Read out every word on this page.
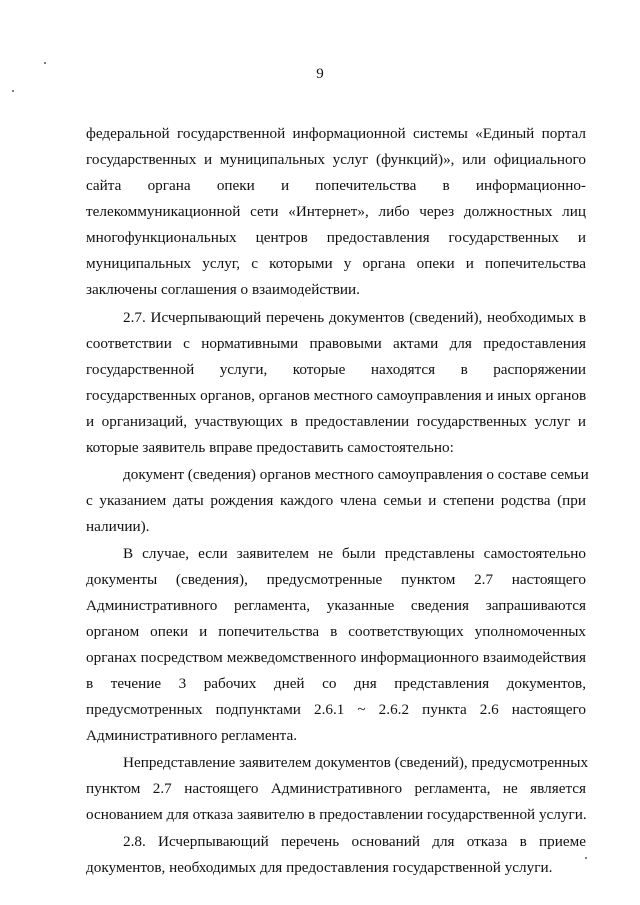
9
федеральной государственной информационной системы «Единый портал
государственных и муниципальных услуг (функций)», или официального
сайта органа опеки и попечительства в информационно-
телекоммуникационной сети «Интернет», либо через должностных лиц
многофункциональных центров предоставления государственных и
муниципальных услуг, с которыми у органа опеки и попечительства
заключены соглашения о взаимодействии.
2.7. Исчерпывающий перечень документов (сведений), необходимых в
соответствии с нормативными правовыми актами для предоставления
государственной услуги, которые находятся в распоряжении
государственных органов, органов местного самоуправления и иных органов
и организаций, участвующих в предоставлении государственных услуг и
которые заявитель вправе предоставить самостоятельно:
документ (сведения) органов местного самоуправления о составе семьи
с указанием даты рождения каждого члена семьи и степени родства (при
наличии).
В случае, если заявителем не были представлены самостоятельно
документы (сведения), предусмотренные пунктом 2.7 настоящего
Административного регламента, указанные сведения запрашиваются
органом опеки и попечительства в соответствующих уполномоченных
органах посредством межведомственного информационного взаимодействия
в течение 3 рабочих дней со дня представления документов,
предусмотренных подпунктами 2.6.1 ~ 2.6.2 пункта 2.6 настоящего
Административного регламента.
Непредставление заявителем документов (сведений), предусмотренных
пунктом 2.7 настоящего Административного регламента, не является
основанием для отказа заявителю в предоставлении государственной услуги.
2.8. Исчерпывающий перечень оснований для отказа в приеме
документов, необходимых для предоставления государственной услуги.
